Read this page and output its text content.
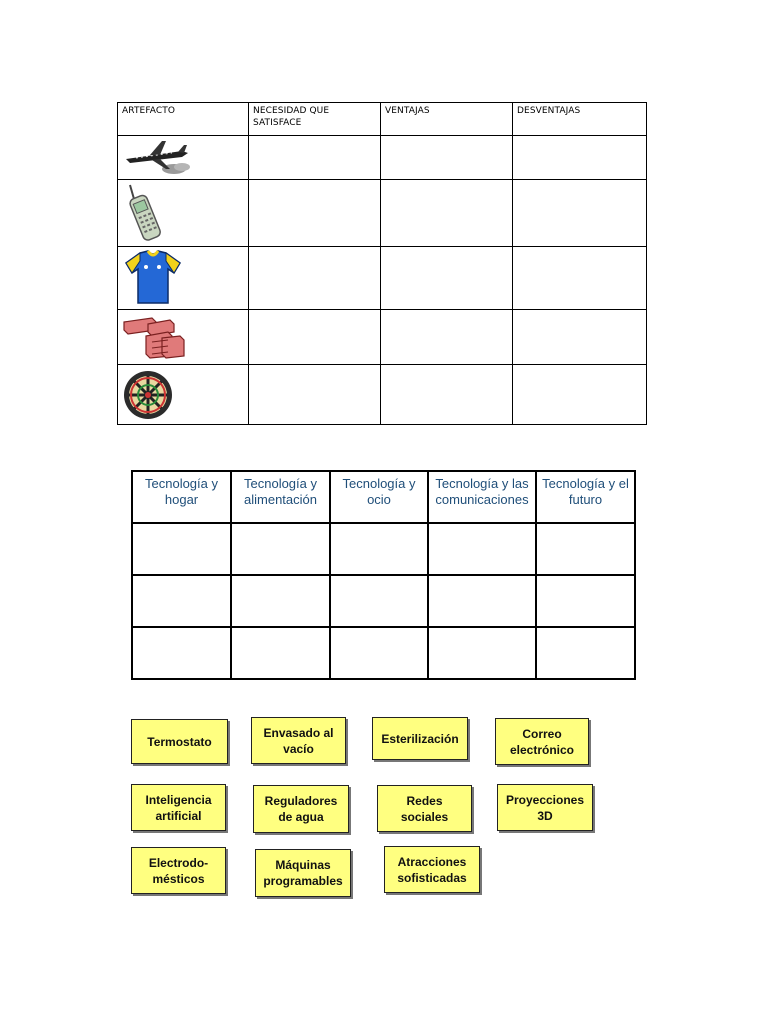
ARTEFACTO	NECESIDAD QUE SATISFACE	VENTAJAS	DESVENTAJAS

Tecnología y hogar	Tecnología y alimentación	Tecnología y ocio	Tecnología y las comunicaciones	Tecnología y el futuro

Termostato
Envasado al vacío
Esterilización	Correo electrónico
Inteligencia artificial
Reguladores de agua
Redes sociales
Proyecciones 3D
Electrodo-mésticos
Máquinas programables
Atracciones sofisticadas
